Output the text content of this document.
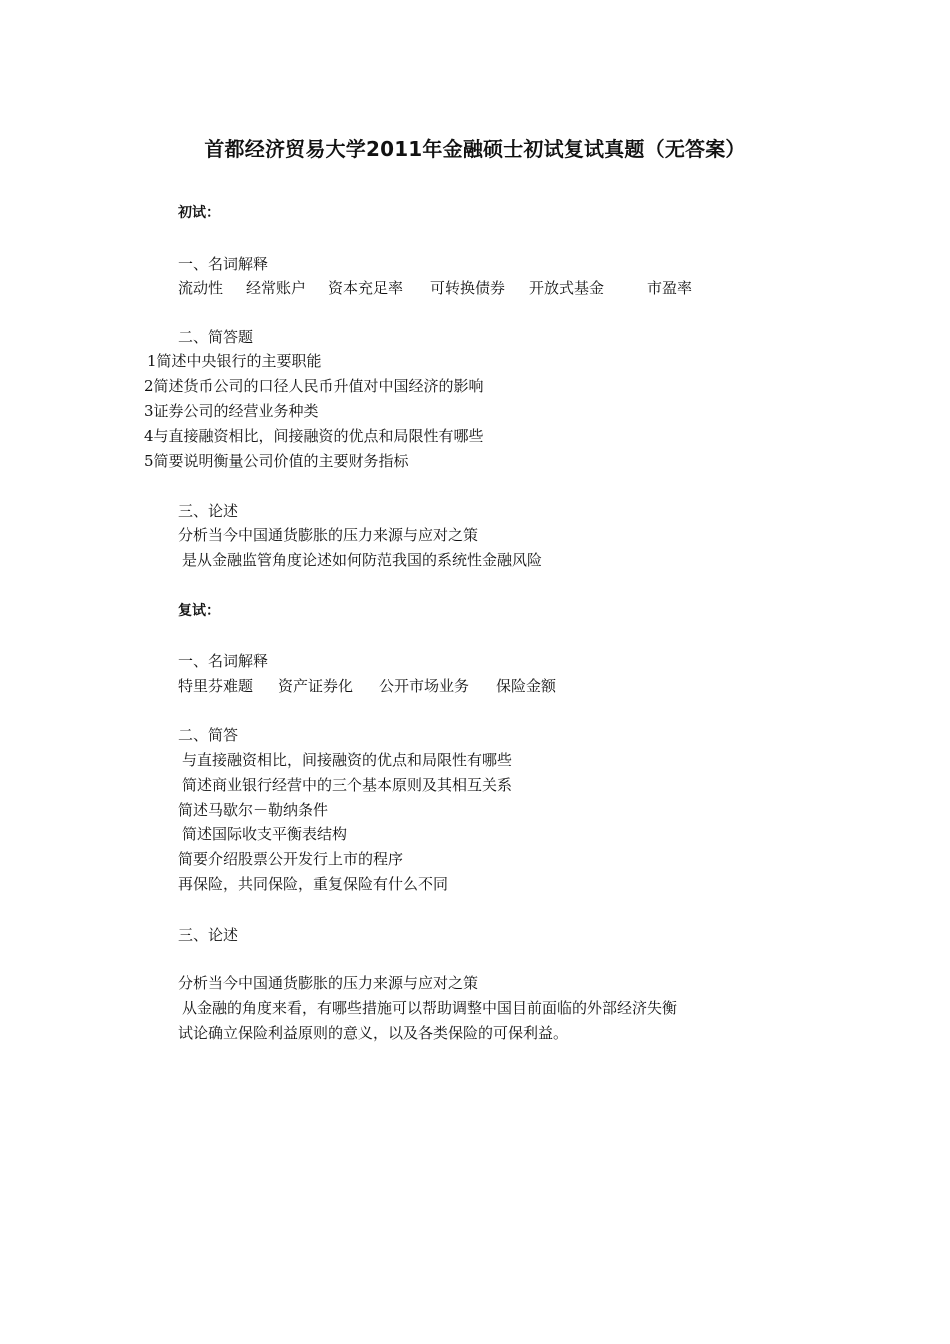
首都经济贸易大学2011年金融硕士初试复试真题（无答案）
初试：
一、名词解释
流动性 经常账户 资本充足率 可转换债券 开放式基金	市盈率
二、简答题
1简述中央银行的主要职能
2简述货币公司的口径人民币升值对中国经济的影响
3证券公司的经营业务种类
4与直接融资相比，间接融资的优点和局限性有哪些
5简要说明衡量公司价值的主要财务指标
三、论述
分析当今中国通货膨胀的压力来源与应对之策
是从金融监管角度论述如何防范我国的系统性金融风险
复试：
一、名词解释
特里芬难题 资产证券化 公开市场业务 保险金额
二、简答
与直接融资相比，间接融资的优点和局限性有哪些
简述商业银行经营中的三个基本原则及其相互关系
简述马歇尔－勒纳条件
简述国际收支平衡表结构
简要介绍股票公开发行上市的程序
再保险，共同保险，重复保险有什么不同
三、论述
分析当今中国通货膨胀的压力来源与应对之策
从金融的角度来看，有哪些措施可以帮助调整中国目前面临的外部经济失衡
试论确立保险利益原则的意义，以及各类保险的可保利益。
